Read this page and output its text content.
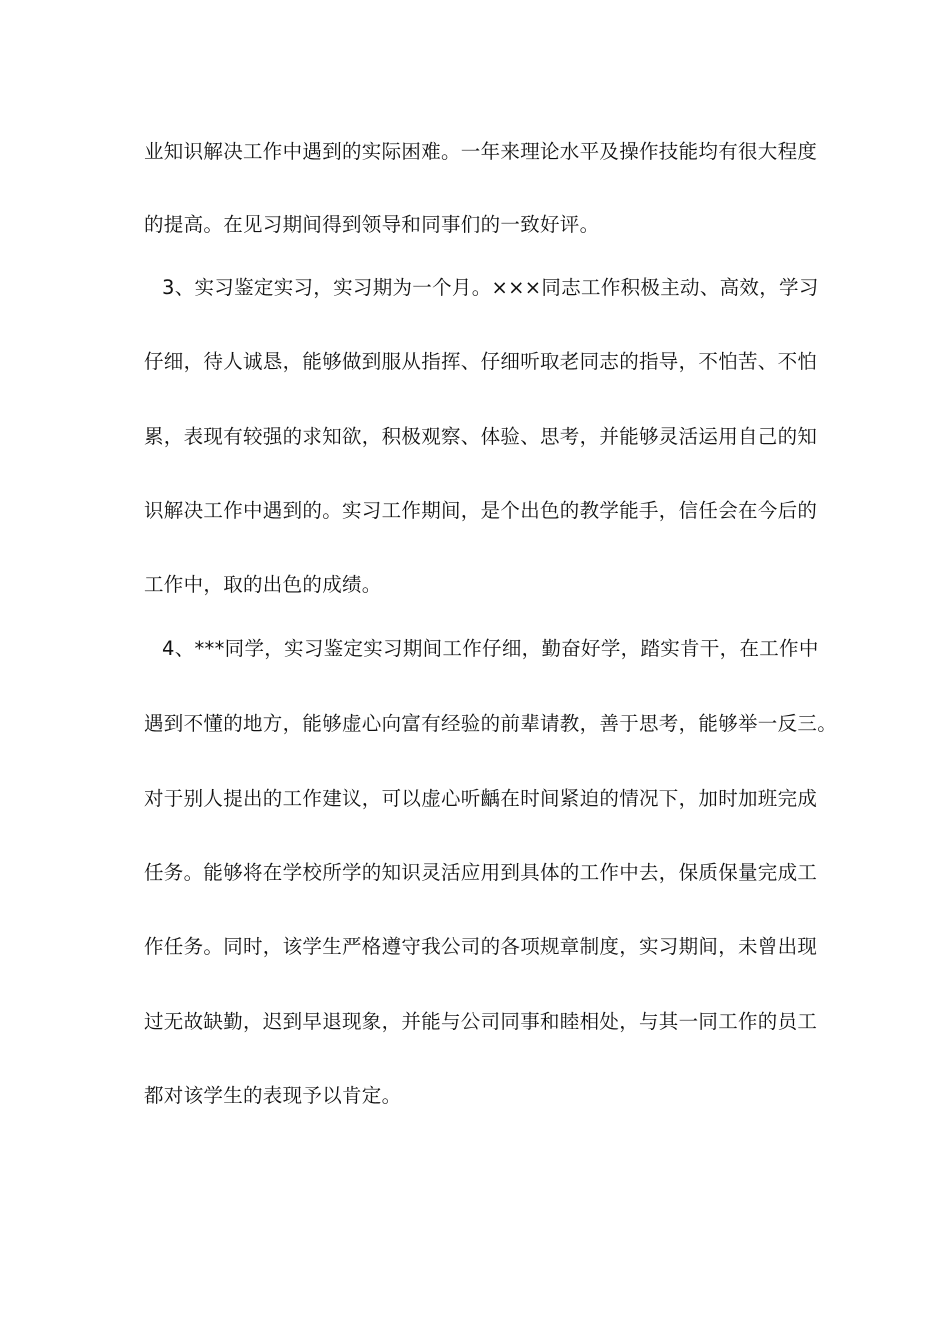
业知识解决工作中遇到的实际困难。一年来理论水平及操作技能均有很大程度

的提高。在见习期间得到领导和同事们的一致好评。

3、实习鉴定实习，实习期为一个月。×××同志工作积极主动、高效，学习

仔细，待人诚恳，能够做到服从指挥、仔细听取老同志的指导，不怕苦、不怕

累，表现有较强的求知欲，积极观察、体验、思考，并能够灵活运用自己的知

识解决工作中遇到的。实习工作期间，是个出色的教学能手，信任会在今后的

工作中，取的出色的成绩。

4、***同学，实习鉴定实习期间工作仔细，勤奋好学，踏实肯干，在工作中

遇到不懂的地方，能够虚心向富有经验的前辈请教，善于思考，能够举一反三。

对于别人提出的工作建议，可以虚心听齲在时间紧迫的情况下，加时加班完成

任务。能够将在学校所学的知识灵活应用到具体的工作中去，保质保量完成工

作任务。同时，该学生严格遵守我公司的各项规章制度，实习期间，未曾出现

过无故缺勤，迟到早退现象，并能与公司同事和睦相处，与其一同工作的员工

都对该学生的表现予以肯定。
